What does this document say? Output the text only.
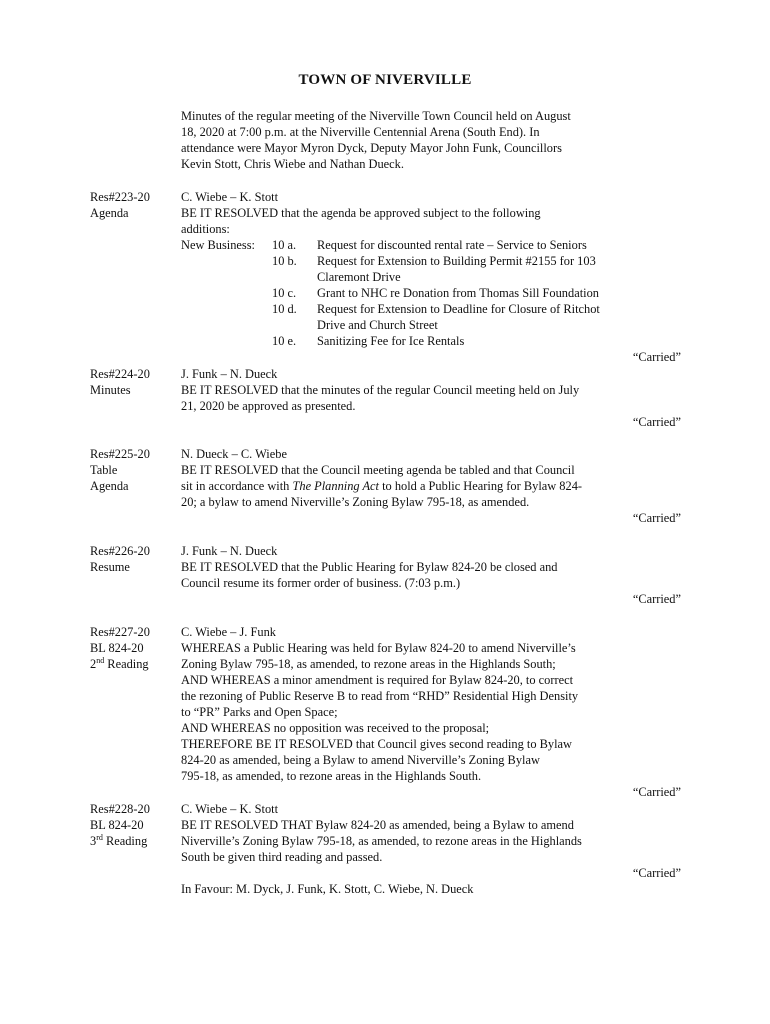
TOWN OF NIVERVILLE
Minutes of the regular meeting of the Niverville Town Council held on August
18, 2020 at 7:00 p.m. at the Niverville Centennial Arena (South End). In
attendance were Mayor Myron Dyck, Deputy Mayor John Funk, Councillors
Kevin Stott, Chris Wiebe and Nathan Dueck.
Res#223-20
Agenda
C. Wiebe – K. Stott
BE IT RESOLVED that the agenda be approved subject to the following
additions:
New Business:	10 a.	Request for discounted rental rate – Service to Seniors
10 b.	Request for Extension to Building Permit #2155 for 103
Claremont Drive
10 c.	Grant to NHC re Donation from Thomas Sill Foundation
10 d.	Request for Extension to Deadline for Closure of Ritchot
Drive and Church Street
10 e.	Sanitizing Fee for Ice Rentals
“Carried”
Res#224-20
Minutes
J. Funk – N. Dueck
BE IT RESOLVED that the minutes of the regular Council meeting held on July
21, 2020 be approved as presented.
“Carried”
Res#225-20
Table
Agenda
N. Dueck – C. Wiebe
BE IT RESOLVED that the Council meeting agenda be tabled and that Council
sit in accordance with The Planning Act to hold a Public Hearing for Bylaw 824-
20; a bylaw to amend Niverville’s Zoning Bylaw 795-18, as amended.
“Carried”
Res#226-20
Resume
J. Funk – N. Dueck
BE IT RESOLVED that the Public Hearing for Bylaw 824-20 be closed and
Council resume its former order of business. (7:03 p.m.)
“Carried”
Res#227-20
BL 824-20
2nd Reading
C. Wiebe – J. Funk
WHEREAS a Public Hearing was held for Bylaw 824-20 to amend Niverville’s
Zoning Bylaw 795-18, as amended, to rezone areas in the Highlands South;
AND WHEREAS a minor amendment is required for Bylaw 824-20, to correct
the rezoning of Public Reserve B to read from “RHD” Residential High Density
to “PR” Parks and Open Space;
AND WHEREAS no opposition was received to the proposal;
THEREFORE BE IT RESOLVED that Council gives second reading to Bylaw
824-20 as amended, being a Bylaw to amend Niverville’s Zoning Bylaw
795-18, as amended, to rezone areas in the Highlands South.
“Carried”
Res#228-20
BL 824-20
3rd Reading
C. Wiebe – K. Stott
BE IT RESOLVED THAT Bylaw 824-20 as amended, being a Bylaw to amend
Niverville’s Zoning Bylaw 795-18, as amended, to rezone areas in the Highlands
South be given third reading and passed.
“Carried”
In Favour: M. Dyck, J. Funk, K. Stott, C. Wiebe, N. Dueck
